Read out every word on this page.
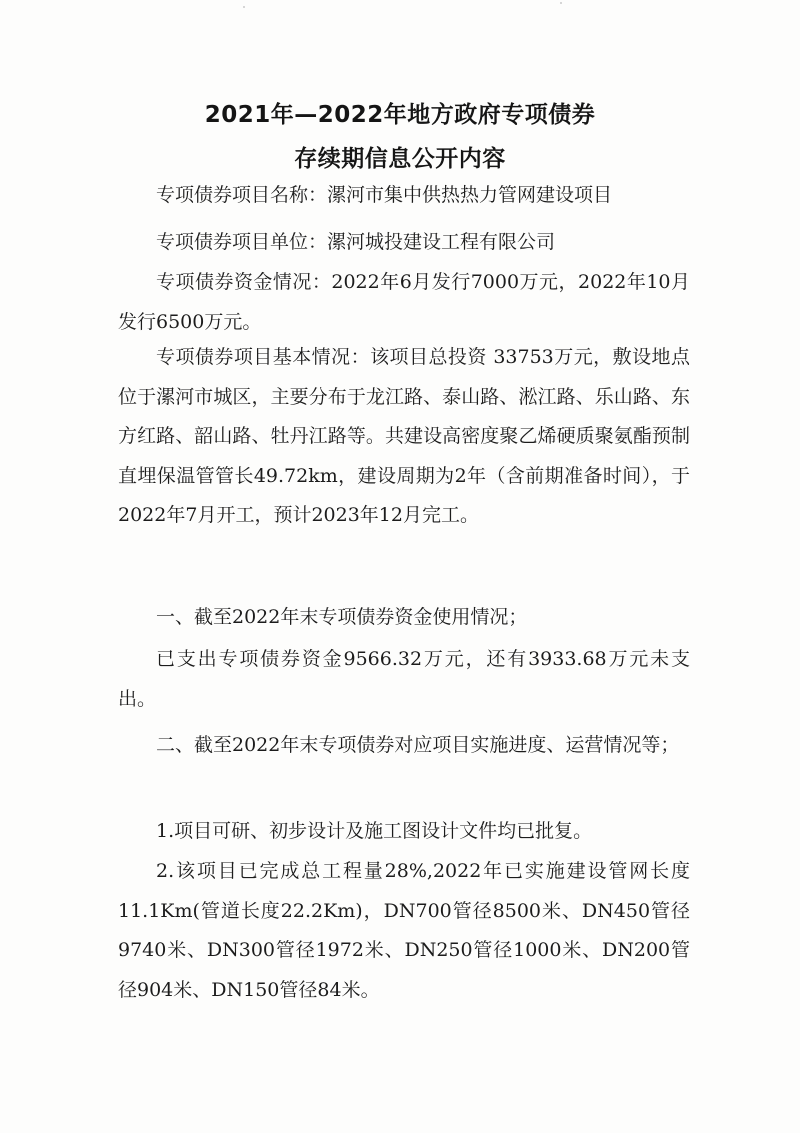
2021年—2022年地方政府专项债券
存续期信息公开内容

专项债券项目名称：漯河市集中供热热力管网建设项目

专项债券项目单位：漯河城投建设工程有限公司

专项债券资金情况：2022年6月发行7000万元，2022年10月发行6500万元。

专项债券项目基本情况：该项目总投资 33753万元，敷设地点位于漯河市城区，主要分布于龙江路、泰山路、淞江路、乐山路、东方红路、韶山路、牡丹江路等。共建设高密度聚乙烯硬质聚氨酯预制直埋保温管管长49.72km，建设周期为2年（含前期准备时间），于2022年7月开工，预计2023年12月完工。

一、截至2022年末专项债券资金使用情况；

已支出专项债券资金9566.32万元，还有3933.68万元未支出。

二、截至2022年末专项债券对应项目实施进度、运营情况等；

1.项目可研、初步设计及施工图设计文件均已批复。

2.该项目已完成总工程量28%,2022年已实施建设管网长度11.1Km(管道长度22.2Km)，DN700管径8500米、DN450管径9740米、DN300管径1972米、DN250管径1000米、DN200管径904米、DN150管径84米。
